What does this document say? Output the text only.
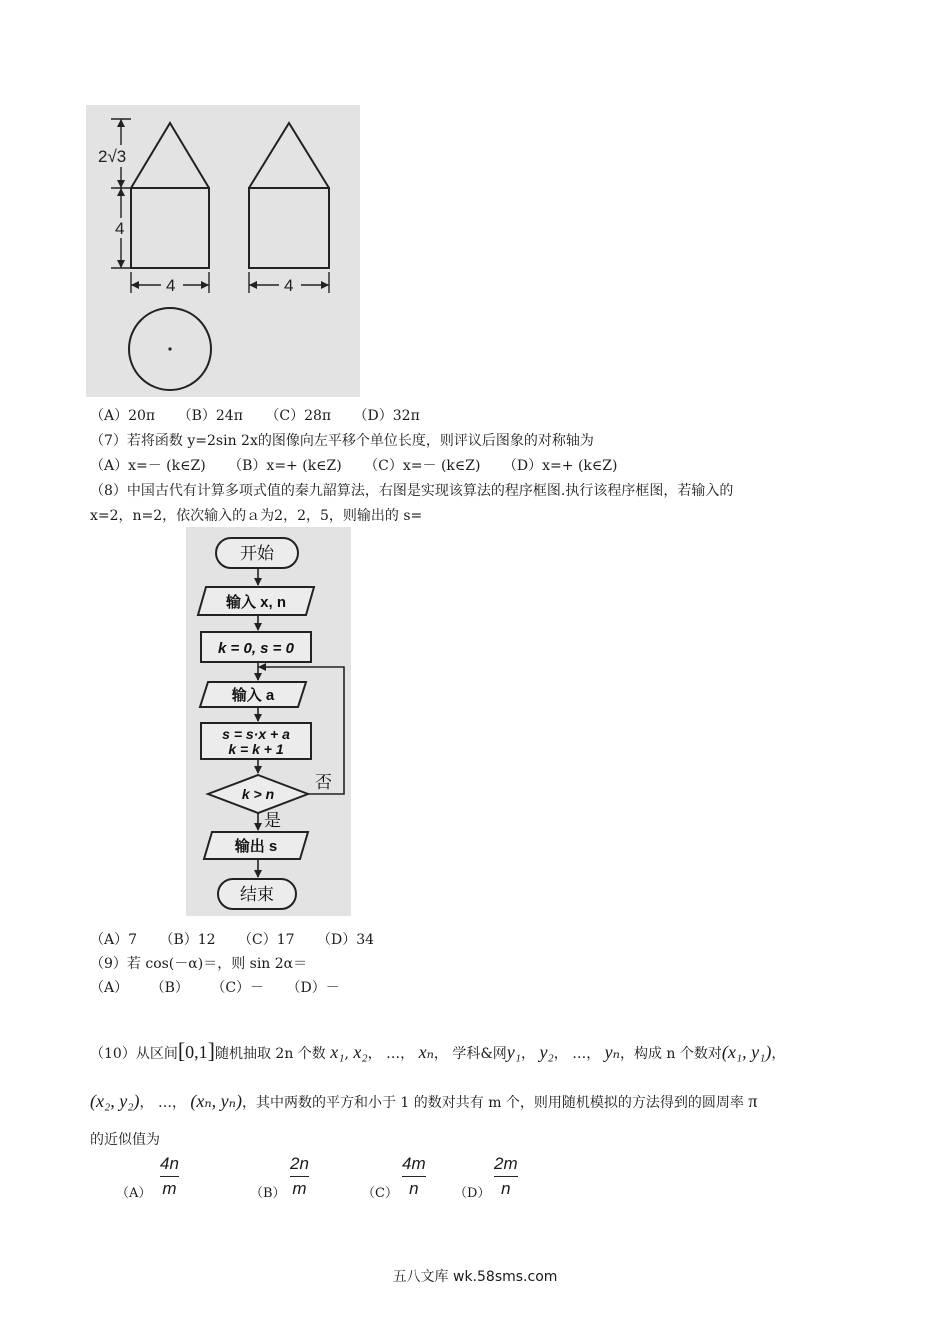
2√3
4
4	4
（A）20π （B）24π （C）28π （D）32π
（7）若将函数 y=2sin 2x的图像向左平移个单位长度，则评议后图象的对称轴为
（A）x=－ (k∈Z) （B）x=+ (k∈Z) （C）x=－ (k∈Z) （D）x=+ (k∈Z)
（8）中国古代有计算多项式值的秦九韶算法，右图是实现该算法的程序框图.执行该程序框图，若输入的
x=2，n=2，依次输入的ａ为2，2，5，则输出的 s=
开始
输入 x, n
k = 0, s = 0
输入 a
s = s·x + a
k = k + 1
k > n
否
是
输出 s
结束
（A）7 （B）12 （C）17 （D）34
（9）若 cos(－α)＝，则 sin 2α＝
（A） （B） （C）－ （D）－
（10）从区间[0,1]随机抽取 2n 个数 x₁, x₂， …， xₙ， 学科&网y₁， y₂， …， yₙ，构成 n 个数对(x₁, y₁)，
(x₂, y₂)， …， (xₙ, yₙ)，其中两数的平方和小于 1 的数对共有 m 个，则用随机模拟的方法得到的圆周率 π
的近似值为
$(A) \frac{4n}{m}$	$(B) \frac{2n}{m}$	$(C) \frac{4m}{n} (D) \frac{2m}{n}$
五八文库 wk.58sms.com
